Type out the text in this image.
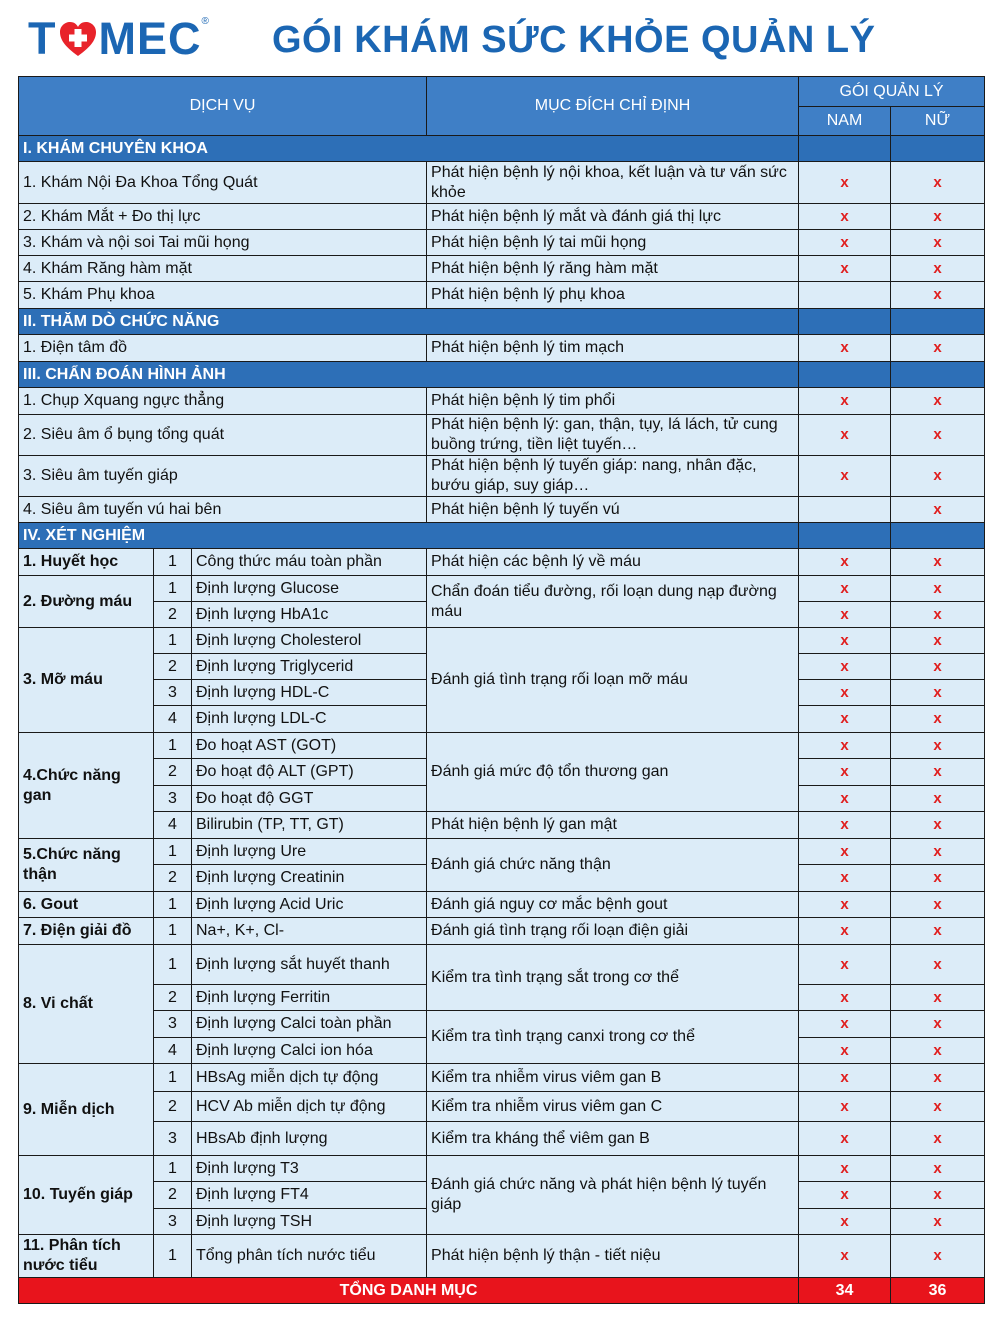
T MEC ® GÓI KHÁM SỨC KHỎE QUẢN LÝ
DỊCH VỤ			MỤC ĐÍCH CHỈ ĐỊNH	GÓI QUẢN LÝ	
				NAM	NỮ
I. KHÁM CHUYÊN KHOA					
1. Khám Nội Đa Khoa Tổng Quát			Phát hiện bệnh lý nội khoa, kết luận và tư vấn sức khỏe	x	x
2. Khám Mắt + Đo thị lực			Phát hiện bệnh lý mắt và đánh giá thị lực	x	x
3. Khám và nội soi Tai mũi họng			Phát hiện bệnh lý tai mũi họng	x	x
4. Khám Răng hàm mặt			Phát hiện bệnh lý răng hàm mặt	x	x
5. Khám Phụ khoa			Phát hiện bệnh lý phụ khoa		x
II. THĂM DÒ CHỨC NĂNG					
1. Điện tâm đồ			Phát hiện bệnh lý tim mạch	x	x
III. CHẨN ĐOÁN HÌNH ẢNH					
1. Chụp Xquang ngực thẳng			Phát hiện bệnh lý tim phổi	x	x
2. Siêu âm ổ bụng tổng quát			Phát hiện bệnh lý: gan, thận, tụy, lá lách, tử cung buồng trứng, tiền liệt tuyến…	x	x
3. Siêu âm tuyến giáp			Phát hiện bệnh lý tuyến giáp: nang, nhân đặc, bướu giáp, suy giáp…	x	x
4. Siêu âm tuyến vú hai bên			Phát hiện bệnh lý tuyến vú		x
IV. XÉT NGHIỆM					
1. Huyết học	1	Công thức máu toàn phần	Phát hiện các bệnh lý về máu	x	x
2. Đường máu	1	Định lượng Glucose	Chẩn đoán tiểu đường, rối loạn dung nạp đường máu	x	x
	2	Định lượng HbA1c		x	x
3. Mỡ máu	1	Định lượng Cholesterol	Đánh giá tình trạng rối loạn mỡ máu	x	x
	2	Định lượng Triglycerid		x	x
	3	Định lượng HDL-C		x	x
	4	Định lượng LDL-C		x	x
4.Chức năng gan	1	Đo hoạt AST (GOT)	Đánh giá mức độ tổn thương gan	x	x
	2	Đo hoạt độ ALT (GPT)		x	x
	3	Đo hoạt độ GGT		x	x
	4	Bilirubin (TP, TT, GT)	Phát hiện bệnh lý gan mật	x	x
5.Chức năng thận	1	Định lượng Ure	Đánh giá chức năng thận	x	x
	2	Định lượng Creatinin		x	x
6. Gout	1	Định lượng Acid Uric	Đánh giá nguy cơ mắc bệnh gout	x	x
7. Điện giải đồ	1	Na+, K+, Cl-	Đánh giá tình trạng rối loạn điện giải	x	x
8. Vi chất	1	Định lượng sắt huyết thanh	Kiểm tra tình trạng sắt trong cơ thể	x	x
	2	Định lượng Ferritin		x	x
	3	Định lượng Calci toàn phần	Kiểm tra tình trạng canxi trong cơ thể	x	x
	4	Định lượng Calci ion hóa		x	x
9. Miễn dịch	1	HBsAg miễn dịch tự động	Kiểm tra nhiễm virus viêm gan B	x	x
	2	HCV Ab miễn dịch tự động	Kiểm tra nhiễm virus viêm gan C	x	x
	3	HBsAb định lượng	Kiểm tra kháng thể viêm gan B	x	x
10. Tuyến giáp	1	Định lượng T3	Đánh giá chức năng và phát hiện bệnh lý tuyến giáp	x	x
	2	Định lượng FT4		x	x
	3	Định lượng TSH		x	x
11. Phân tích nước tiểu	1	Tổng phân tích nước tiểu	Phát hiện bệnh lý thận - tiết niệu	x	x
TỔNG DANH MỤC				34	36
